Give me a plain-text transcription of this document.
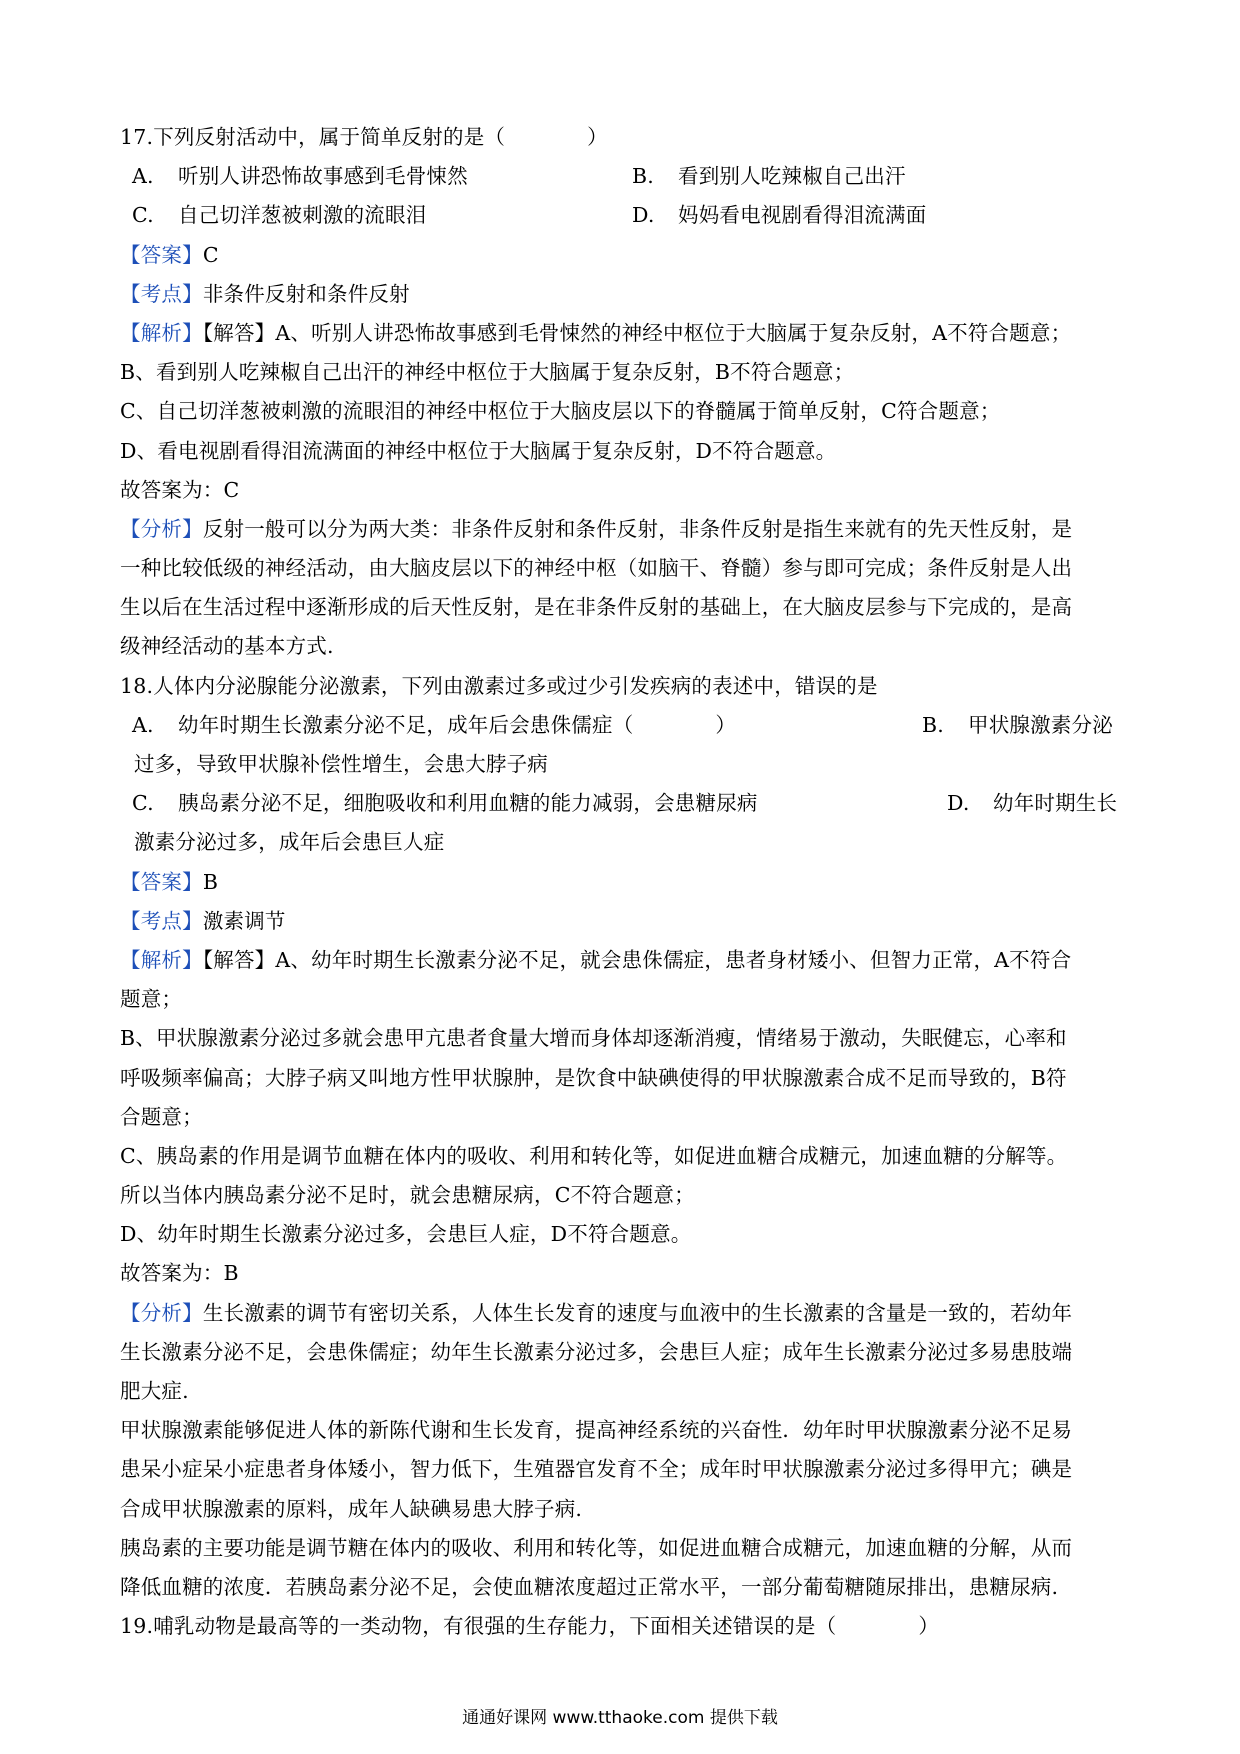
17.下列反射活动中，属于简单反射的是（	）
A. 听别人讲恐怖故事感到毛骨悚然	B. 看到别人吃辣椒自己出汗
C. 自己切洋葱被刺激的流眼泪	D. 妈妈看电视剧看得泪流满面
【答案】C
【考点】非条件反射和条件反射
【解析】【解答】A、听别人讲恐怖故事感到毛骨悚然的神经中枢位于大脑属于复杂反射，A不符合题意；
B、看到别人吃辣椒自己出汗的神经中枢位于大脑属于复杂反射，B不符合题意；
C、自己切洋葱被刺激的流眼泪的神经中枢位于大脑皮层以下的脊髓属于简单反射，C符合题意；
D、看电视剧看得泪流满面的神经中枢位于大脑属于复杂反射，D不符合题意。
故答案为：C
【分析】反射一般可以分为两大类：非条件反射和条件反射，非条件反射是指生来就有的先天性反射，是
一种比较低级的神经活动，由大脑皮层以下的神经中枢（如脑干、脊髓）参与即可完成；条件反射是人出
生以后在生活过程中逐渐形成的后天性反射，是在非条件反射的基础上，在大脑皮层参与下完成的，是高
级神经活动的基本方式.
18.人体内分泌腺能分泌激素，下列由激素过多或过少引发疾病的表述中，错误的是
A. 幼年时期生长激素分泌不足，成年后会患侏儒症（	）	B. 甲状腺激素分泌
过多，导致甲状腺补偿性增生，会患大脖子病
C. 胰岛素分泌不足，细胞吸收和利用血糖的能力减弱，会患糖尿病	D. 幼年时期生长
激素分泌过多，成年后会患巨人症
【答案】B
【考点】激素调节
【解析】【解答】A、幼年时期生长激素分泌不足，就会患侏儒症，患者身材矮小、但智力正常，A不符合
题意；
B、甲状腺激素分泌过多就会患甲亢患者食量大增而身体却逐渐消瘦，情绪易于激动，失眠健忘，心率和
呼吸频率偏高；大脖子病又叫地方性甲状腺肿，是饮食中缺碘使得的甲状腺激素合成不足而导致的，B符
合题意；
C、胰岛素的作用是调节血糖在体内的吸收、利用和转化等，如促进血糖合成糖元，加速血糖的分解等。
所以当体内胰岛素分泌不足时，就会患糖尿病，C不符合题意；
D、幼年时期生长激素分泌过多，会患巨人症，D不符合题意。
故答案为：B
【分析】生长激素的调节有密切关系，人体生长发育的速度与血液中的生长激素的含量是一致的，若幼年
生长激素分泌不足，会患侏儒症；幼年生长激素分泌过多，会患巨人症；成年生长激素分泌过多易患肢端
肥大症.
甲状腺激素能够促进人体的新陈代谢和生长发育，提高神经系统的兴奋性．幼年时甲状腺激素分泌不足易
患呆小症呆小症患者身体矮小，智力低下，生殖器官发育不全；成年时甲状腺激素分泌过多得甲亢；碘是
合成甲状腺激素的原料，成年人缺碘易患大脖子病.
胰岛素的主要功能是调节糖在体内的吸收、利用和转化等，如促进血糖合成糖元，加速血糖的分解，从而
降低血糖的浓度．若胰岛素分泌不足，会使血糖浓度超过正常水平，一部分葡萄糖随尿排出，患糖尿病.
19.哺乳动物是最高等的一类动物，有很强的生存能力，下面相关述错误的是（	）
通通好课网 www.tthaoke.com 提供下载
